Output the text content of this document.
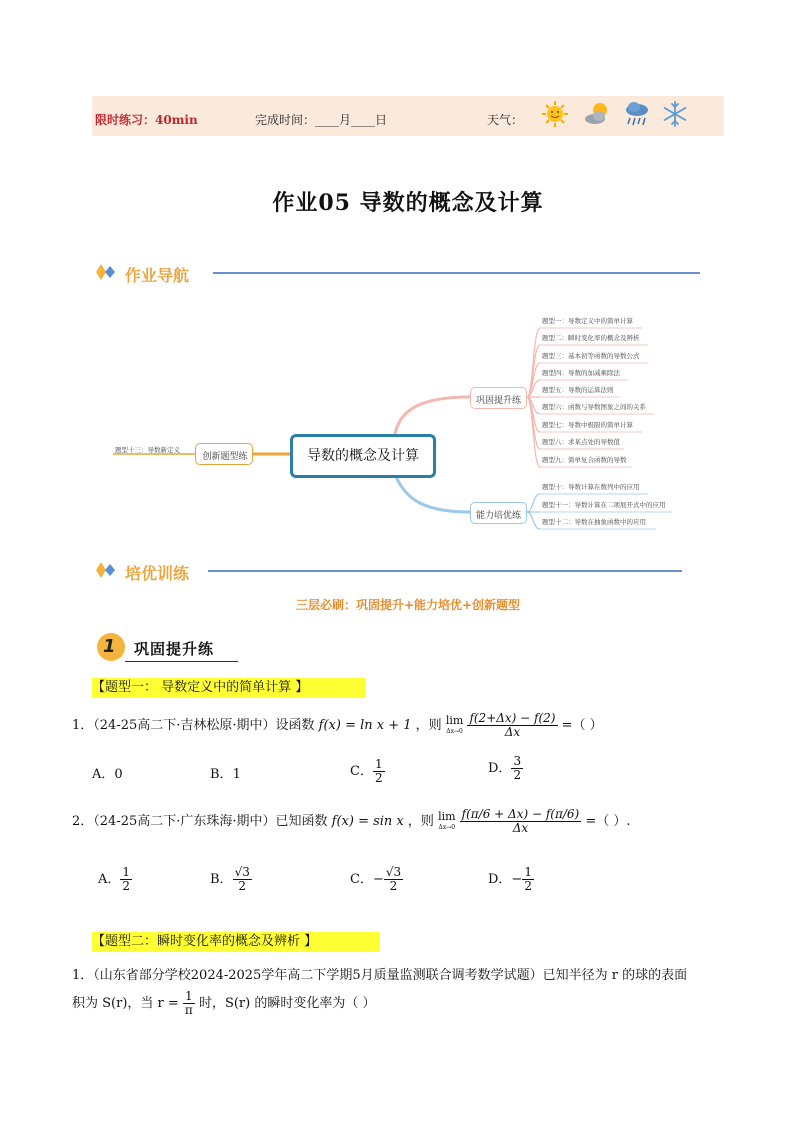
限时练习：40min	完成时间：____月____日	天气：
作业05 导数的概念及计算
作业导航
导数的概念及计算
创新题型练
题型十三：导数新定义
巩固提升练
能力培优练
题型一：导数定义中的简单计算
题型二：瞬时变化率的概念及辨析
题型三：基本初等函数的导数公式
题型四：导数的加减乘除法
题型五：导数的运算法则
题型六：函数与导数图象之间的关系
题型七：导数中极限的简单计算
题型八：求某点处的导数值
题型九：简单复合函数的导数
题型十：导数计算在数列中的应用
题型十一：导数计算在二项展开式中的应用
题型十二：导数在抽象函数中的应用
培优训练
三层必刷：巩固提升+能力培优+创新题型
1 巩固提升练
【题型一： 导数定义中的简单计算 】
1．（24-25高二下·吉林松原·期中）设函数 f(x) = ln x + 1 ，则 lim
Δx→0
$\frac{f(2+\Delta x) - f(2)}{\Delta x}$ =（ ）
A．0	B．1	C． $\frac{1}{2}$	D． $\frac{3}{2}$
2．（24-25高二下·广东珠海·期中）已知函数 f(x) = sin x ，则 lim
Δx→0
$\frac{f(\pi/6 + \Delta x) - f(\pi/6)}{\Delta x}$ =（ ）.
A． $\frac{1}{2}$	B． $\frac{√3}{2}$	C．− $\frac{√3}{2}$	D．− $\frac{1}{2}$
【题型二：瞬时变化率的概念及辨析 】
1．（山东省部分学校2024-2025学年高二下学期5月质量监测联合调考数学试题）已知半径为 r 的球的表面
积为 S(r)，当 $r = \frac{1}{\pi}$ 时，S(r) 的瞬时变化率为（ ）
